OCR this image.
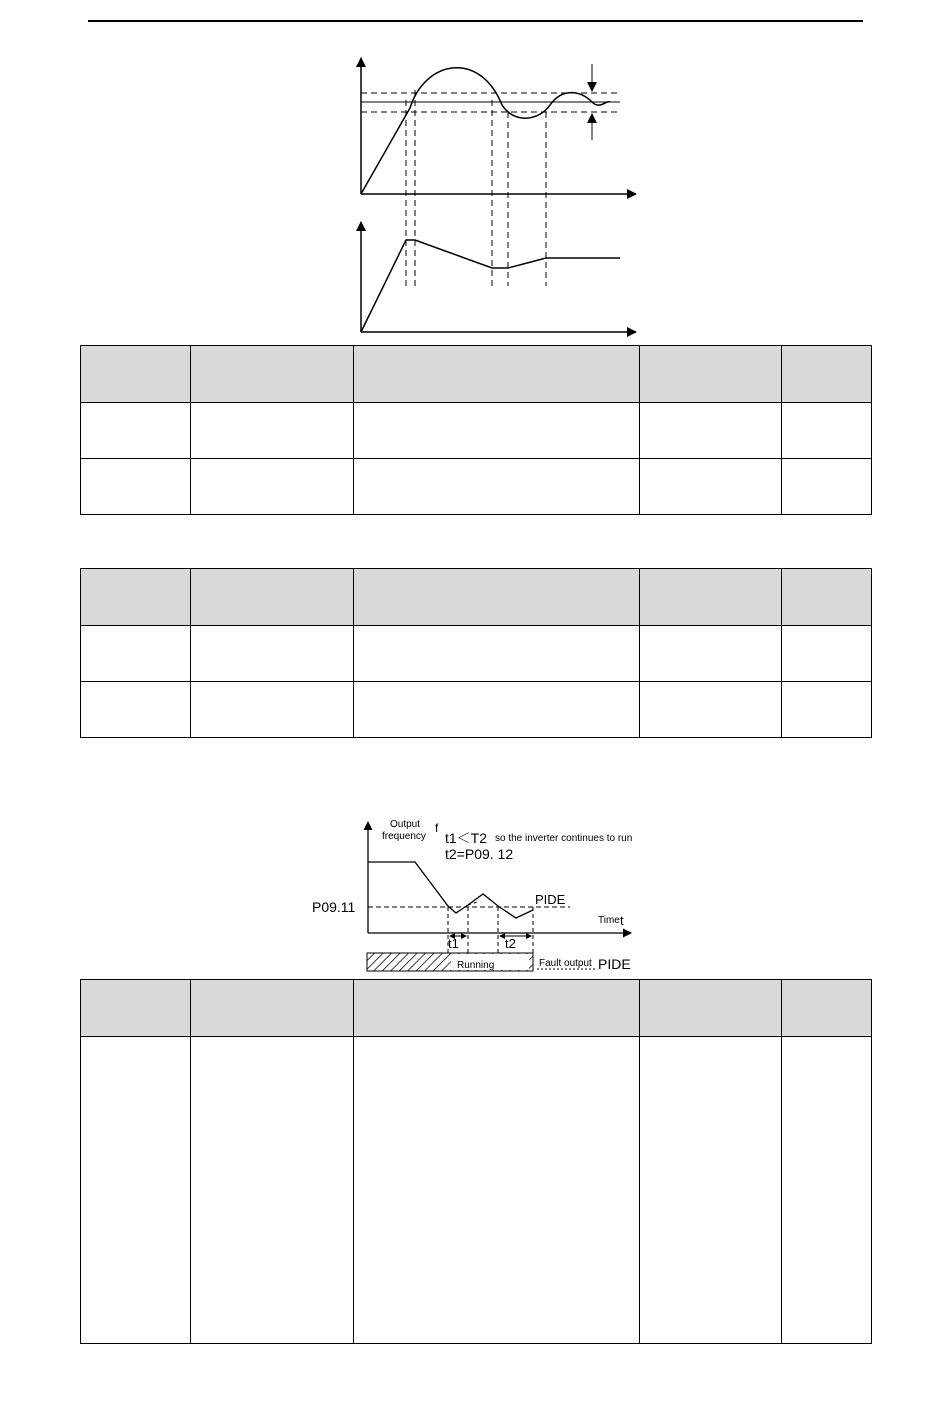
Output
frequency
f
t1＜T2 so the inverter continues to run
t2=P09. 12
P09.11	PIDE
Time t
t1	t2
Running	Fault output PIDE
